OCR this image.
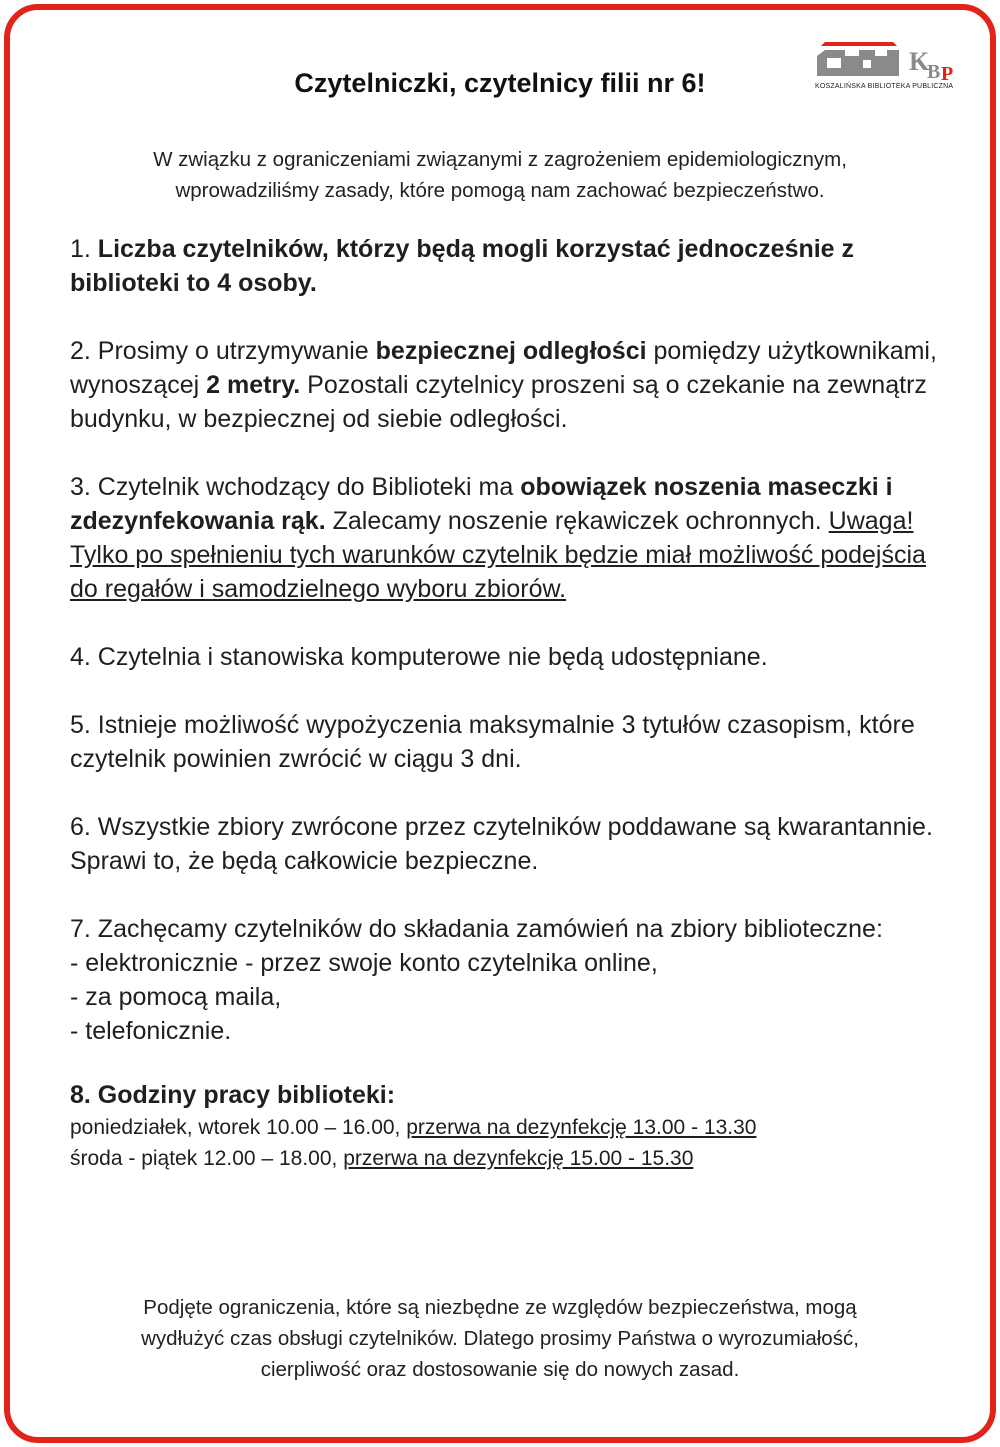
K
B P
KOSZALIŃSKA BIBLIOTEKA PUBLICZNA
Czytelniczki, czytelnicy filii nr 6!
W związku z ograniczeniami związanymi z zagrożeniem epidemiologicznym,
wprowadziliśmy zasady, które pomogą nam zachować bezpieczeństwo.

1. Liczba czytelników, którzy będą mogli korzystać jednocześnie z biblioteki to 4 osoby.

2. Prosimy o utrzymywanie bezpiecznej odległości pomiędzy użytkownikami, wynoszącej 2 metry. Pozostali czytelnicy proszeni są o czekanie na zewnątrz budynku, w bezpiecznej od siebie odległości.

3. Czytelnik wchodzący do Biblioteki ma obowiązek noszenia maseczki i zdezynfekowania rąk. Zalecamy noszenie rękawiczek ochronnych. Uwaga! Tylko po spełnieniu tych warunków czytelnik będzie miał możliwość podejścia do regałów i samodzielnego wyboru zbiorów.

4. Czytelnia i stanowiska komputerowe nie będą udostępniane.

5. Istnieje możliwość wypożyczenia maksymalnie 3 tytułów czasopism, które czytelnik powinien zwrócić w ciągu 3 dni.

6. Wszystkie zbiory zwrócone przez czytelników poddawane są kwarantannie. Sprawi to, że będą całkowicie bezpieczne.

7. Zachęcamy czytelników do składania zamówień na zbiory biblioteczne:
- elektronicznie - przez swoje konto czytelnika online,
- za pomocą maila,
- telefonicznie.

8. Godziny pracy biblioteki:
poniedziałek, wtorek 10.00 – 16.00, przerwa na dezynfekcję 13.00 - 13.30
środa - piątek 12.00 – 18.00, przerwa na dezynfekcję 15.00 - 15.30
Podjęte ograniczenia, które są niezbędne ze względów bezpieczeństwa, mogą
wydłużyć czas obsługi czytelników. Dlatego prosimy Państwa o wyrozumiałość,
cierpliwość oraz dostosowanie się do nowych zasad.
